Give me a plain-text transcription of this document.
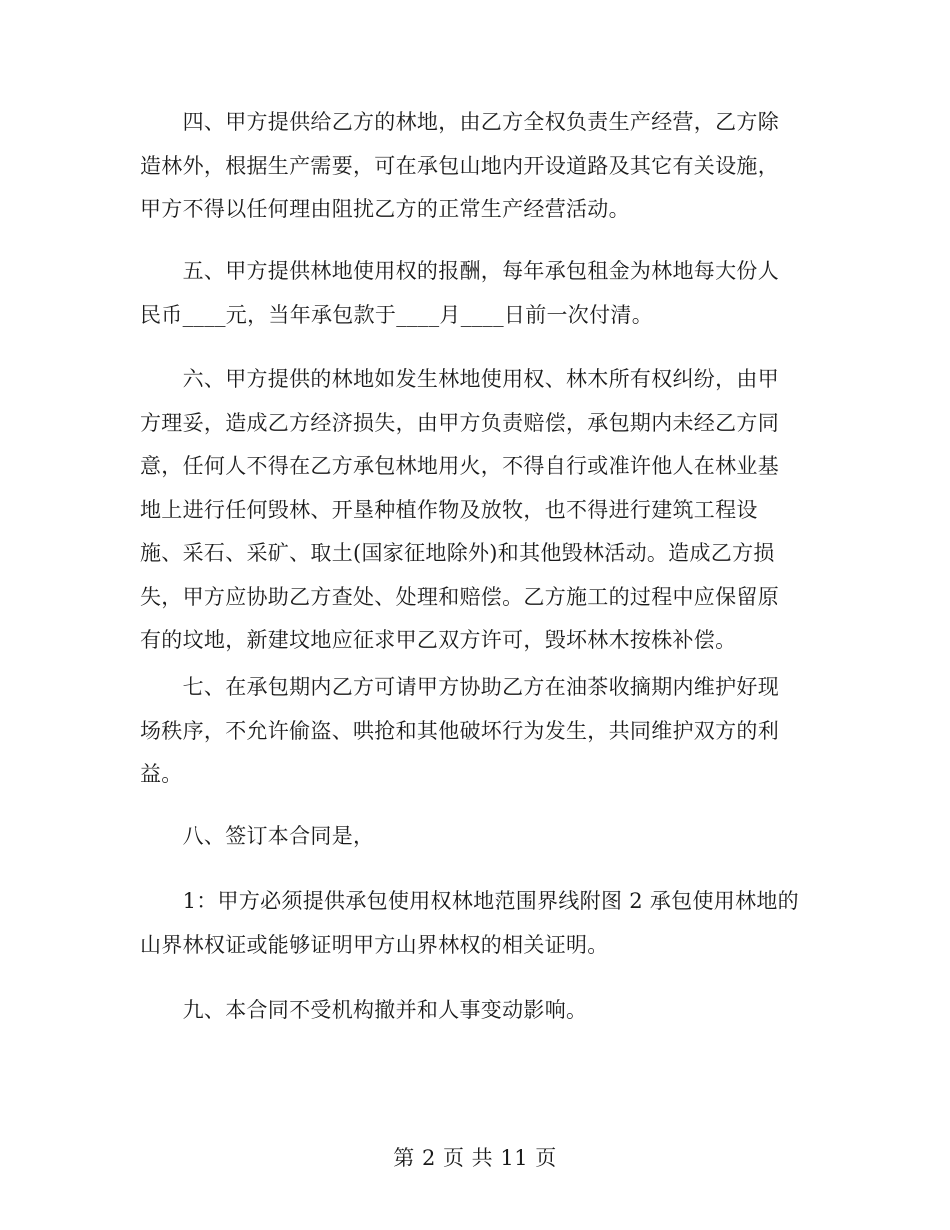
　　四、甲方提供给乙方的林地，由乙方全权负责生产经营，乙方除
造林外，根据生产需要，可在承包山地内开设道路及其它有关设施，
甲方不得以任何理由阻扰乙方的正常生产经营活动。

　　五、甲方提供林地使用权的报酬，每年承包租金为林地每大份人
民币____元，当年承包款于____月____日前一次付清。

　　六、甲方提供的林地如发生林地使用权、林木所有权纠纷，由甲
方理妥，造成乙方经济损失，由甲方负责赔偿，承包期内未经乙方同
意，任何人不得在乙方承包林地用火，不得自行或准许他人在林业基
地上进行任何毁林、开垦种植作物及放牧，也不得进行建筑工程设
施、采石、采矿、取土(国家征地除外)和其他毁林活动。造成乙方损
失，甲方应协助乙方查处、处理和赔偿。乙方施工的过程中应保留原
有的坟地，新建坟地应征求甲乙双方许可，毁坏林木按株补偿。

　　七、在承包期内乙方可请甲方协助乙方在油茶收摘期内维护好现
场秩序，不允许偷盗、哄抢和其他破坏行为发生，共同维护双方的利
益。

　　八、签订本合同是，

　　1：甲方必须提供承包使用权林地范围界线附图 2 承包使用林地的
山界林权证或能够证明甲方山界林权的相关证明。

　　九、本合同不受机构撤并和人事变动影响。

第 2 页 共 11 页
